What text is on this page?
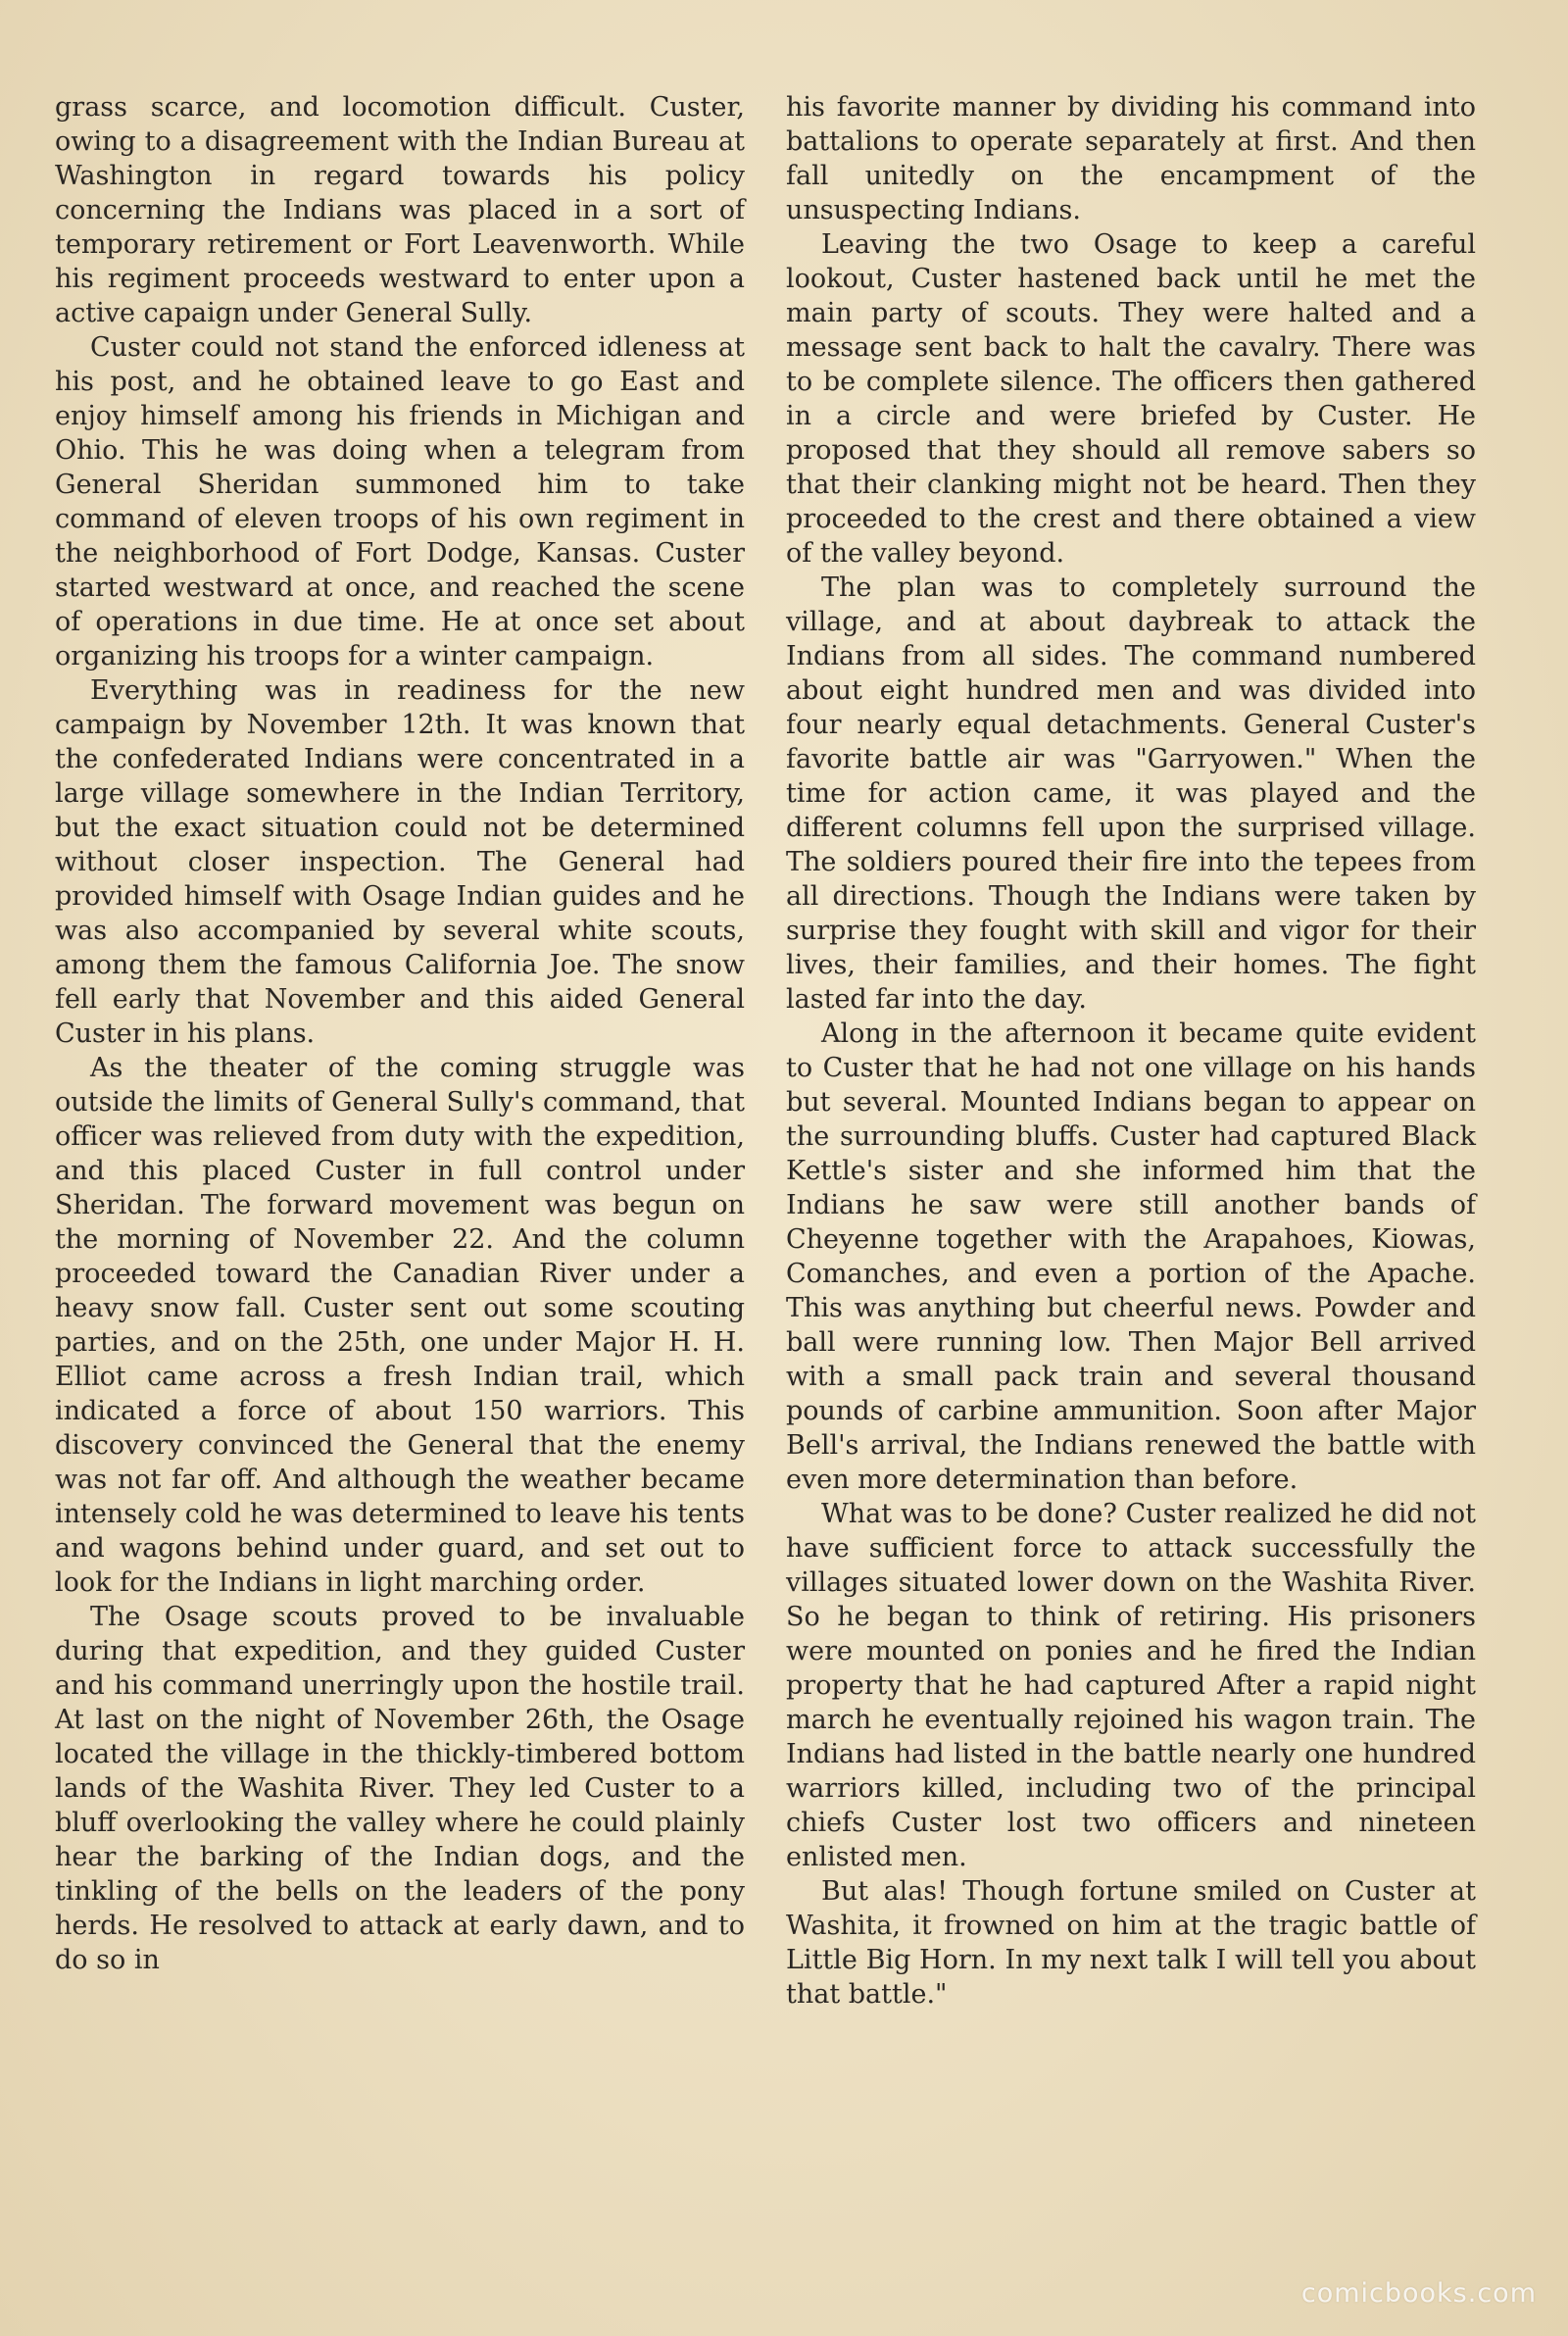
grass scarce, and locomotion difficult. Custer, owing to a disagreement with the Indian Bureau at Washington in regard towards his policy concerning the Indians was placed in a sort of temporary retirement or Fort Leavenworth. While his regiment proceeds westward to enter upon a active capaign under General Sully.

Custer could not stand the enforced idleness at his post, and he obtained leave to go East and enjoy himself among his friends in Michigan and Ohio. This he was doing when a telegram from General Sheridan summoned him to take command of eleven troops of his own regiment in the neighborhood of Fort Dodge, Kansas. Custer started westward at once, and reached the scene of operations in due time. He at once set about organizing his troops for a winter campaign.

Everything was in readiness for the new campaign by November 12th. It was known that the confederated Indians were concentrated in a large village somewhere in the Indian Territory, but the exact situation could not be determined without closer inspection. The General had provided himself with Osage Indian guides and he was also accompanied by several white scouts, among them the famous California Joe. The snow fell early that November and this aided General Custer in his plans.

As the theater of the coming struggle was outside the limits of General Sully's command, that officer was relieved from duty with the expedition, and this placed Custer in full control under Sheridan. The forward movement was begun on the morning of November 22. And the column proceeded toward the Canadian River under a heavy snow fall. Custer sent out some scouting parties, and on the 25th, one under Major H. H. Elliot came across a fresh Indian trail, which indicated a force of about 150 warriors. This discovery convinced the General that the enemy was not far off. And although the weather became intensely cold he was determined to leave his tents and wagons behind under guard, and set out to look for the Indians in light marching order.

The Osage scouts proved to be invaluable during that expedition, and they guided Custer and his command unerringly upon the hostile trail. At last on the night of November 26th, the Osage located the village in the thickly-timbered bottom lands of the Washita River. They led Custer to a bluff overlooking the valley where he could plainly hear the barking of the Indian dogs, and the tinkling of the bells on the leaders of the pony herds. He resolved to attack at early dawn, and to do so in

his favorite manner by dividing his command into battalions to operate separately at first. And then fall unitedly on the encampment of the unsuspecting Indians.

Leaving the two Osage to keep a careful lookout, Custer hastened back until he met the main party of scouts. They were halted and a message sent back to halt the cavalry. There was to be complete silence. The officers then gathered in a circle and were briefed by Custer. He proposed that they should all remove sabers so that their clanking might not be heard. Then they proceeded to the crest and there obtained a view of the valley beyond.

The plan was to completely surround the village, and at about daybreak to attack the Indians from all sides. The command numbered about eight hundred men and was divided into four nearly equal detachments. General Custer's favorite battle air was "Garryowen." When the time for action came, it was played and the different columns fell upon the surprised village. The soldiers poured their fire into the tepees from all directions. Though the Indians were taken by surprise they fought with skill and vigor for their lives, their families, and their homes. The fight lasted far into the day.

Along in the afternoon it became quite evident to Custer that he had not one village on his hands but several. Mounted Indians began to appear on the surrounding bluffs. Custer had captured Black Kettle's sister and she informed him that the Indians he saw were still another bands of Cheyenne together with the Arapahoes, Kiowas, Comanches, and even a portion of the Apache. This was anything but cheerful news. Powder and ball were running low. Then Major Bell arrived with a small pack train and several thousand pounds of carbine ammunition. Soon after Major Bell's arrival, the Indians renewed the battle with even more determination than before.

What was to be done? Custer realized he did not have sufficient force to attack successfully the villages situated lower down on the Washita River. So he began to think of retiring. His prisoners were mounted on ponies and he fired the Indian property that he had captured After a rapid night march he eventually rejoined his wagon train. The Indians had listed in the battle nearly one hundred warriors killed, including two of the principal chiefs Custer lost two officers and nineteen enlisted men.

But alas! Though fortune smiled on Custer at Washita, it frowned on him at the tragic battle of Little Big Horn. In my next talk I will tell you about that battle."

comicbooks.com
